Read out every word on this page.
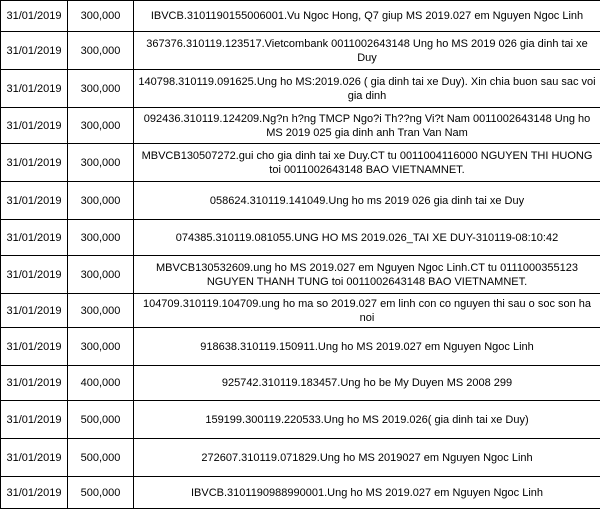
31/01/2019	300,000	IBVCB.3101190155006001.Vu Ngoc Hong, Q7 giup MS 2019.027 em Nguyen Ngoc Linh
31/01/2019	300,000	367376.310119.123517.Vietcombank 0011002643148 Ung ho MS 2019 026 gia dinh tai xe Duy
31/01/2019	300,000	140798.310119.091625.Ung ho MS:2019.026 ( gia dinh tai xe Duy). Xin chia buon sau sac voi gia dinh
31/01/2019	300,000	092436.310119.124209.Ng?n h?ng TMCP Ngo?i Th??ng Vi?t Nam 0011002643148 Ung ho MS 2019 025 gia dinh anh Tran Van Nam
31/01/2019	300,000	MBVCB130507272.gui cho gia dinh tai xe Duy.CT tu 0011004116000 NGUYEN THI HUONG toi 0011002643148 BAO VIETNAMNET.
31/01/2019	300,000	058624.310119.141049.Ung ho ms 2019 026 gia dinh tai xe Duy
31/01/2019	300,000	074385.310119.081055.UNG HO MS 2019.026_TAI XE DUY-310119-08:10:42
31/01/2019	300,000	MBVCB130532609.ung ho MS 2019.027 em Nguyen Ngoc Linh.CT tu 0111000355123 NGUYEN THANH TUNG toi 0011002643148 BAO VIETNAMNET.
31/01/2019	300,000	104709.310119.104709.ung ho ma so 2019.027 em linh con co nguyen thi sau o soc son ha noi
31/01/2019	300,000	918638.310119.150911.Ung ho MS 2019.027 em Nguyen Ngoc Linh
31/01/2019	400,000	925742.310119.183457.Ung ho be My Duyen MS 2008 299
31/01/2019	500,000	159199.300119.220533.Ung ho MS 2019.026( gia dinh tai xe Duy)
31/01/2019	500,000	272607.310119.071829.Ung ho MS 2019027 em Nguyen Ngoc Linh
31/01/2019	500,000	IBVCB.3101190988990001.Ung ho MS 2019.027 em Nguyen Ngoc Linh
